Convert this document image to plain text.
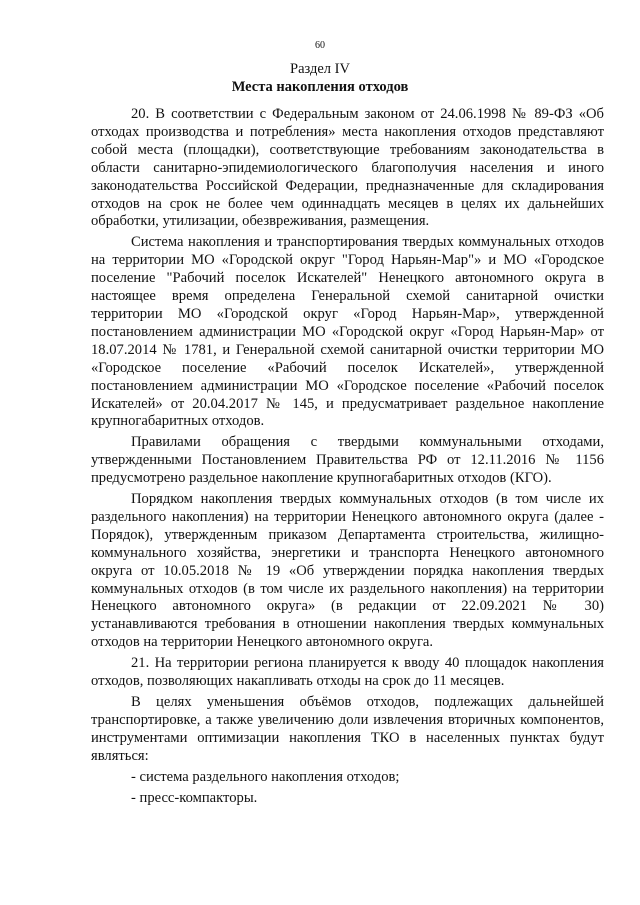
60
Раздел IV
Места накопления отходов

20. В соответствии с Федеральным законом от 24.06.1998 № 89-ФЗ «Об отходах производства и потребления» места накопления отходов представляют собой места (площадки), соответствующие требованиям законодательства в области санитарно-эпидемиологического благополучия населения и иного законодательства Российской Федерации, предназначенные для складирования отходов на срок не более чем одиннадцать месяцев в целях их дальнейших обработки, утилизации, обезвреживания, размещения.

Система накопления и транспортирования твердых коммунальных отходов на территории МО «Городской округ "Город Нарьян-Мар"» и МО «Городское поселение "Рабочий поселок Искателей" Ненецкого автономного округа в настоящее время определена Генеральной схемой санитарной очистки территории МО «Городской округ «Город Нарьян-Мар», утвержденной постановлением администрации МО «Городской округ «Город Нарьян-Мар» от 18.07.2014 № 1781, и Генеральной схемой санитарной очистки территории МО «Городское поселение «Рабочий поселок Искателей», утвержденной постановлением администрации МО «Городское поселение «Рабочий поселок Искателей» от 20.04.2017 № 145, и предусматривает раздельное накопление крупногабаритных отходов.

Правилами обращения с твердыми коммунальными отходами, утвержденными Постановлением Правительства РФ от 12.11.2016 № 1156 предусмотрено раздельное накопление крупногабаритных отходов (КГО).

Порядком накопления твердых коммунальных отходов (в том числе их раздельного накопления) на территории Ненецкого автономного округа (далее - Порядок), утвержденным приказом Департамента строительства, жилищно-коммунального хозяйства, энергетики и транспорта Ненецкого автономного округа от 10.05.2018 № 19 «Об утверждении порядка накопления твердых коммунальных отходов (в том числе их раздельного накопления) на территории Ненецкого автономного округа» (в редакции от 22.09.2021 № 30) устанавливаются требования в отношении накопления твердых коммунальных отходов на территории Ненецкого автономного округа.

21. На территории региона планируется к вводу 40 площадок накопления отходов, позволяющих накапливать отходы на срок до 11 месяцев.

В целях уменьшения объёмов отходов, подлежащих дальнейшей транспортировке, а также увеличению доли извлечения вторичных компонентов, инструментами оптимизации накопления ТКО в населенных пунктах будут являться:

- система раздельного накопления отходов;

- пресс-компакторы.
